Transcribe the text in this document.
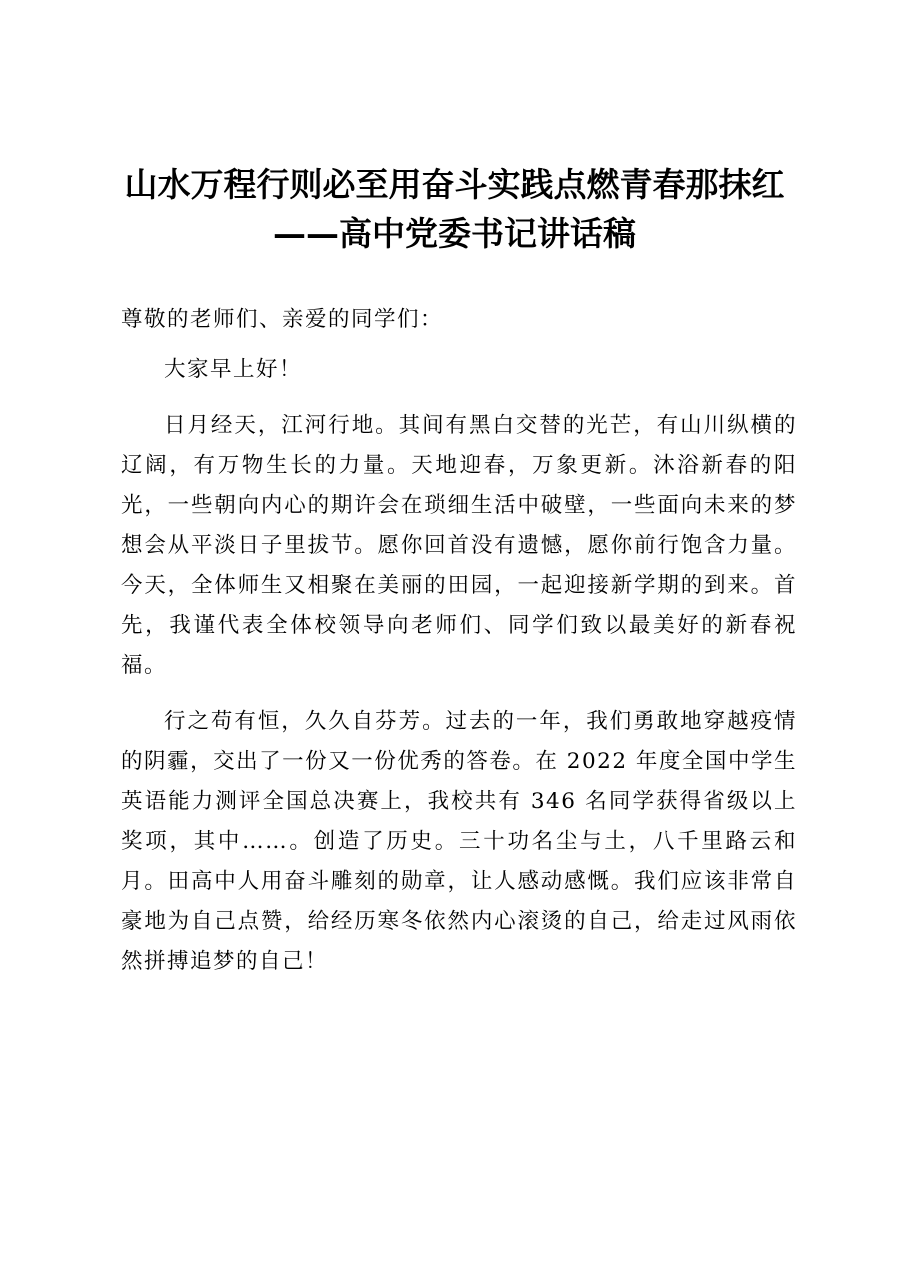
山水万程行则必至用奋斗实践点燃青春那抹红
——高中党委书记讲话稿

尊敬的老师们、亲爱的同学们：

大家早上好！

日月经天，江河行地。其间有黑白交替的光芒，有山川纵横的辽阔，有万物生长的力量。天地迎春，万象更新。沐浴新春的阳光，一些朝向内心的期许会在琐细生活中破壁，一些面向未来的梦想会从平淡日子里拔节。愿你回首没有遗憾，愿你前行饱含力量。今天，全体师生又相聚在美丽的田园，一起迎接新学期的到来。首先，我谨代表全体校领导向老师们、同学们致以最美好的新春祝福。

行之苟有恒，久久自芬芳。过去的一年，我们勇敢地穿越疫情的阴霾，交出了一份又一份优秀的答卷。在 2022 年度全国中学生英语能力测评全国总决赛上，我校共有 346 名同学获得省级以上奖项，其中……。创造了历史。三十功名尘与土，八千里路云和月。田高中人用奋斗雕刻的勋章，让人感动感慨。我们应该非常自豪地为自己点赞，给经历寒冬依然内心滚烫的自己，给走过风雨依然拼搏追梦的自己！
